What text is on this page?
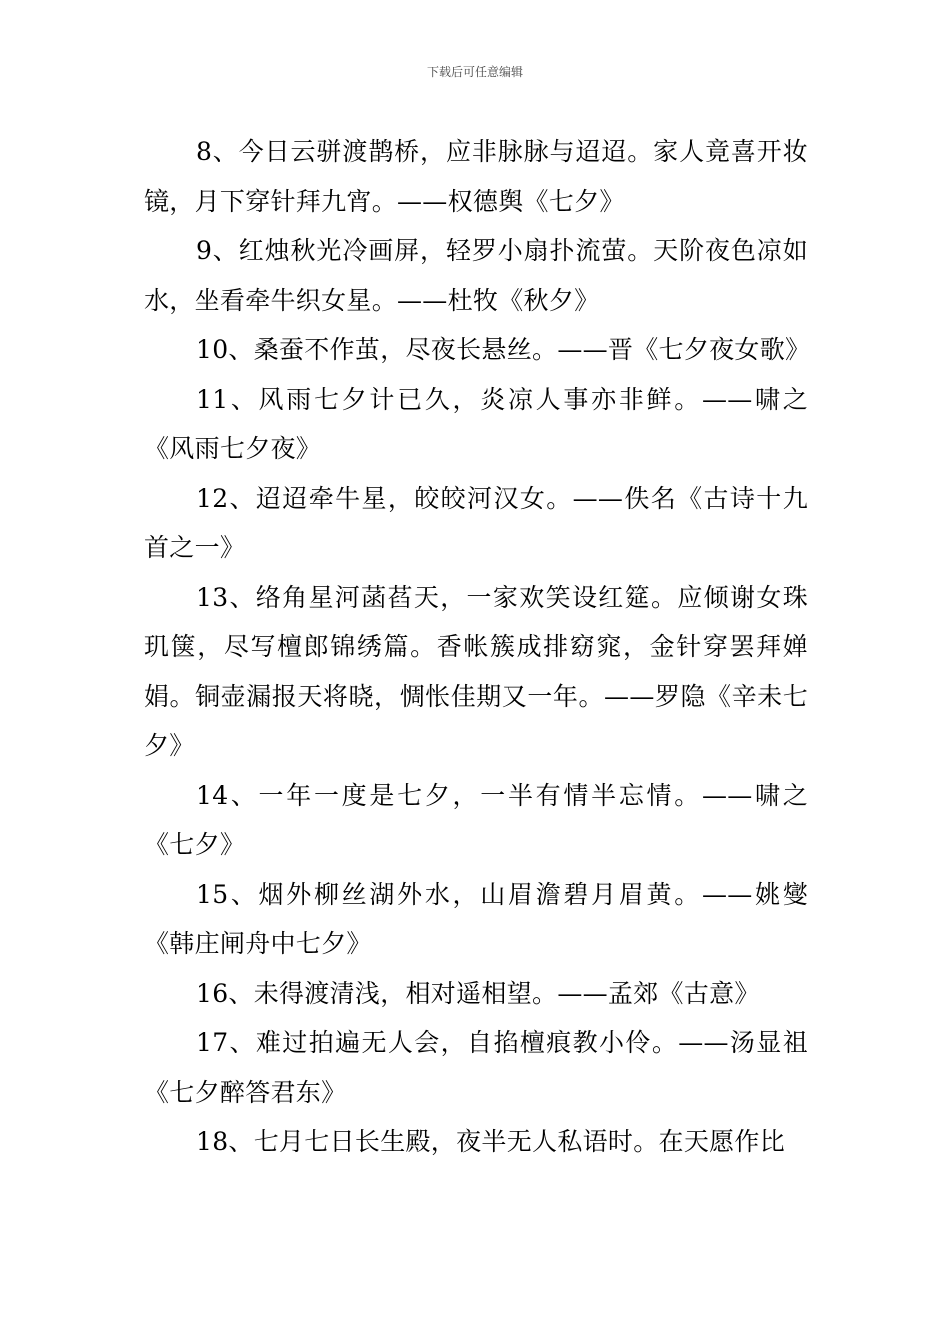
下载后可任意编辑

8、今日云骈渡鹊桥，应非脉脉与迢迢。家人竟喜开妆镜，月下穿针拜九宵。——权德舆《七夕》

9、红烛秋光冷画屏，轻罗小扇扑流萤。天阶夜色凉如水，坐看牵牛织女星。——杜牧《秋夕》

10、桑蚕不作茧，尽夜长悬丝。——晋《七夕夜女歌》

11、风雨七夕计已久，炎凉人事亦非鲜。——啸之《风雨七夕夜》

12、迢迢牵牛星，皎皎河汉女。——佚名《古诗十九首之一》

13、络角星河菡萏天，一家欢笑设红筵。应倾谢女珠玑箧，尽写檀郎锦绣篇。香帐簇成排窈窕，金针穿罢拜婵娟。铜壶漏报天将晓，惆怅佳期又一年。——罗隐《辛未七夕》

14、一年一度是七夕，一半有情半忘情。——啸之《七夕》

15、烟外柳丝湖外水，山眉澹碧月眉黄。——姚燮《韩庄闸舟中七夕》

16、未得渡清浅，相对遥相望。——孟郊《古意》

17、难过拍遍无人会，自掐檀痕教小伶。——汤显祖《七夕醉答君东》

18、七月七日长生殿，夜半无人私语时。在天愿作比
